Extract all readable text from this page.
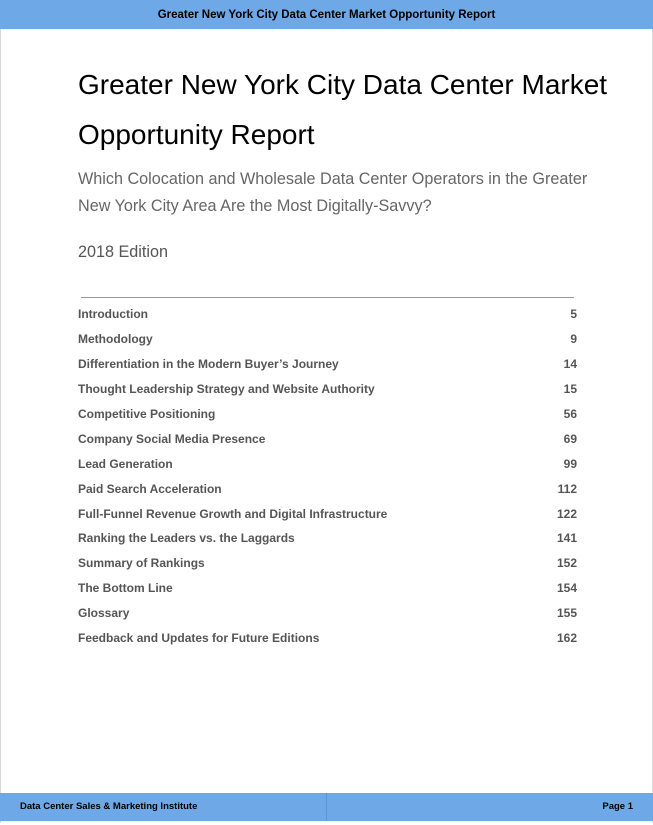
Greater New York City Data Center Market Opportunity Report
Greater New York City Data Center Market Opportunity Report

Which Colocation and Wholesale Data Center Operators in the Greater New York City Area Are the Most Digitally-Savvy?

2018 Edition

Introduction	5
Methodology	9
Differentiation in the Modern Buyer’s Journey	14
Thought Leadership Strategy and Website Authority	15
Competitive Positioning	56
Company Social Media Presence	69
Lead Generation	99
Paid Search Acceleration	112
Full-Funnel Revenue Growth and Digital Infrastructure	122
Ranking the Leaders vs. the Laggards	141
Summary of Rankings	152
The Bottom Line	154
Glossary	155
Feedback and Updates for Future Editions	162
Data Center Sales & Marketing Institute	Page 1
